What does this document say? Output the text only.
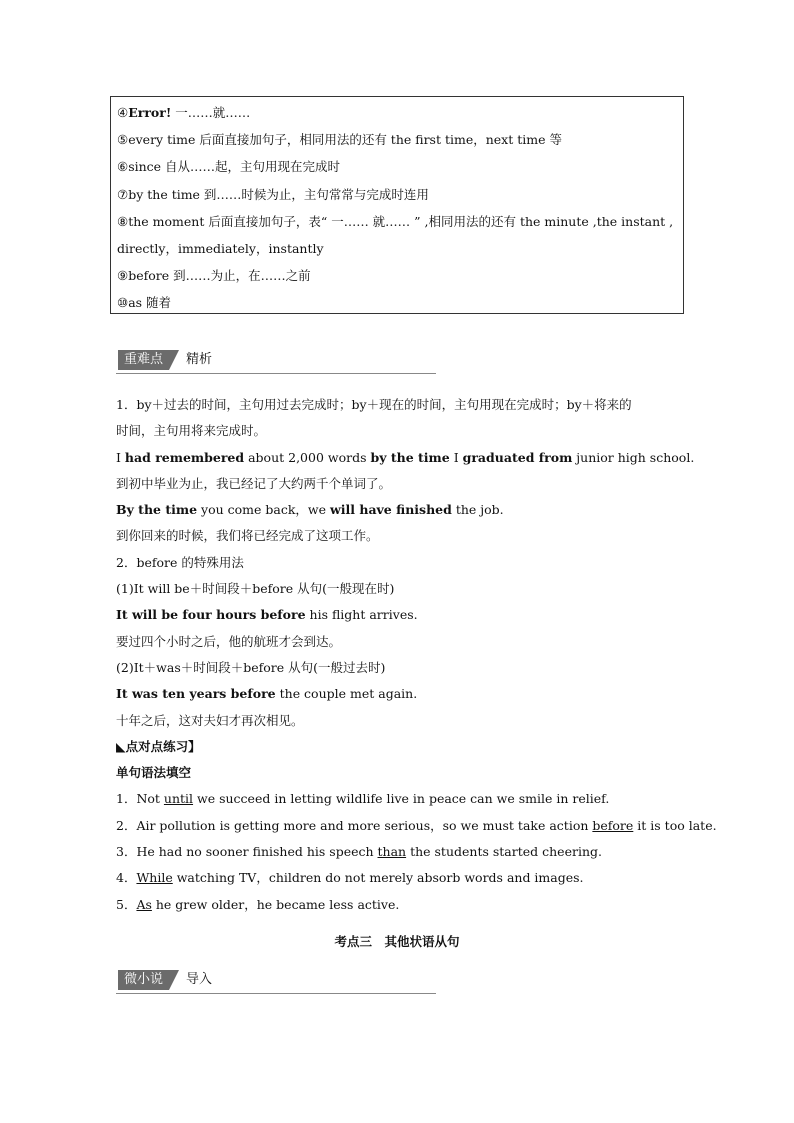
④Error! 一……就……
⑤every time 后面直接加句子，相同用法的还有 the first time，next time 等
⑥since 自从……起，主句用现在完成时
⑦by the time 到……时候为止，主句常常与完成时连用
⑧the moment 后面直接加句子，表“ 一…… 就…… ” ,相同用法的还有 the minute ,the instant ,
directly，immediately，instantly
⑨before 到……为止，在……之前
⑩as 随着
重难点	精析
1．by＋过去的时间，主句用过去完成时；by＋现在的时间，主句用现在完成时；by＋将来的
时间，主句用将来完成时。
I had remembered about 2,000 words by the time I graduated from junior high school.
到初中毕业为止，我已经记了大约两千个单词了。
By the time you come back，we will have finished the job.
到你回来的时候，我们将已经完成了这项工作。
2．before 的特殊用法
(1)It will be＋时间段＋before 从句(一般现在时)
It will be four hours before his flight arrives.
要过四个小时之后，他的航班才会到达。
(2)It＋was＋时间段＋before 从句(一般过去时)
It was ten years before the couple met again.
十年之后，这对夫妇才再次相见。
◣点对点练习】
单句语法填空
1．Not until we succeed in letting wildlife live in peace can we smile in relief.
2．Air pollution is getting more and more serious，so we must take action before it is too late.
3．He had no sooner finished his speech than the students started cheering.
4．While watching TV，children do not merely absorb words and images.
5．As he grew older，he became less active.
考点三　其他状语从句
微小说	导入
